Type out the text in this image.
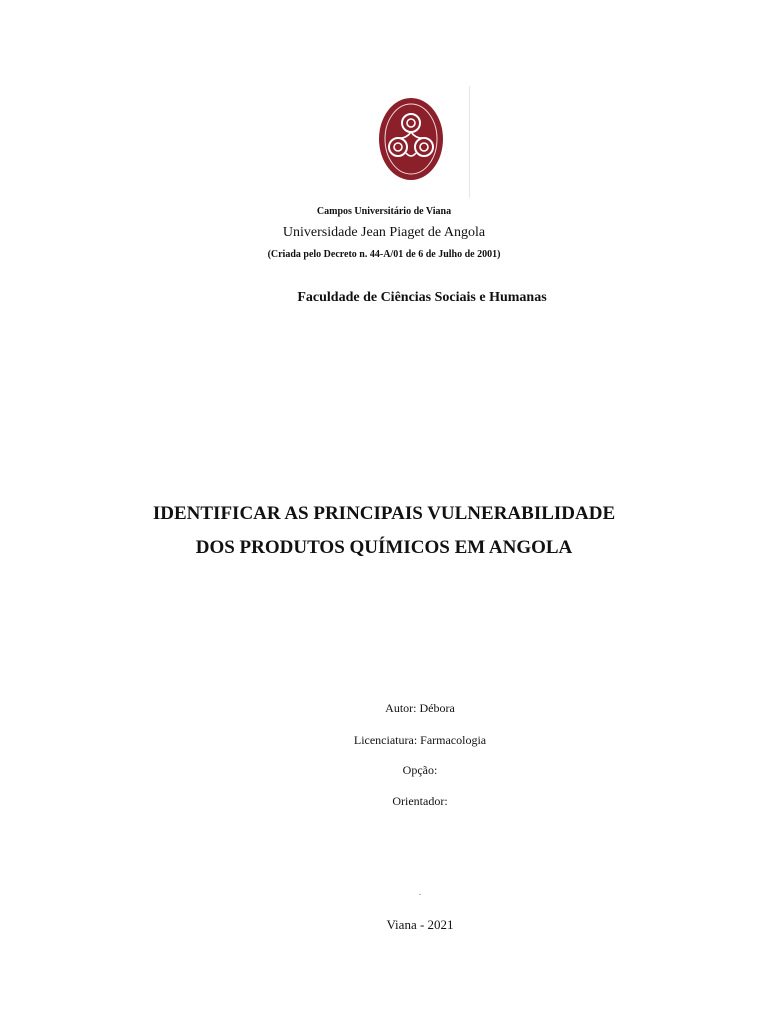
Campos Universitário de Viana
Universidade Jean Piaget de Angola
(Criada pelo Decreto n. 44-A/01 de 6 de Julho de 2001)
Faculdade de Ciências Sociais e Humanas
IDENTIFICAR AS PRINCIPAIS VULNERABILIDADE
DOS PRODUTOS QUÍMICOS EM ANGOLA
Autor: Débora
Licenciatura: Farmacologia
Opção:
Orientador:
.
Viana - 2021
